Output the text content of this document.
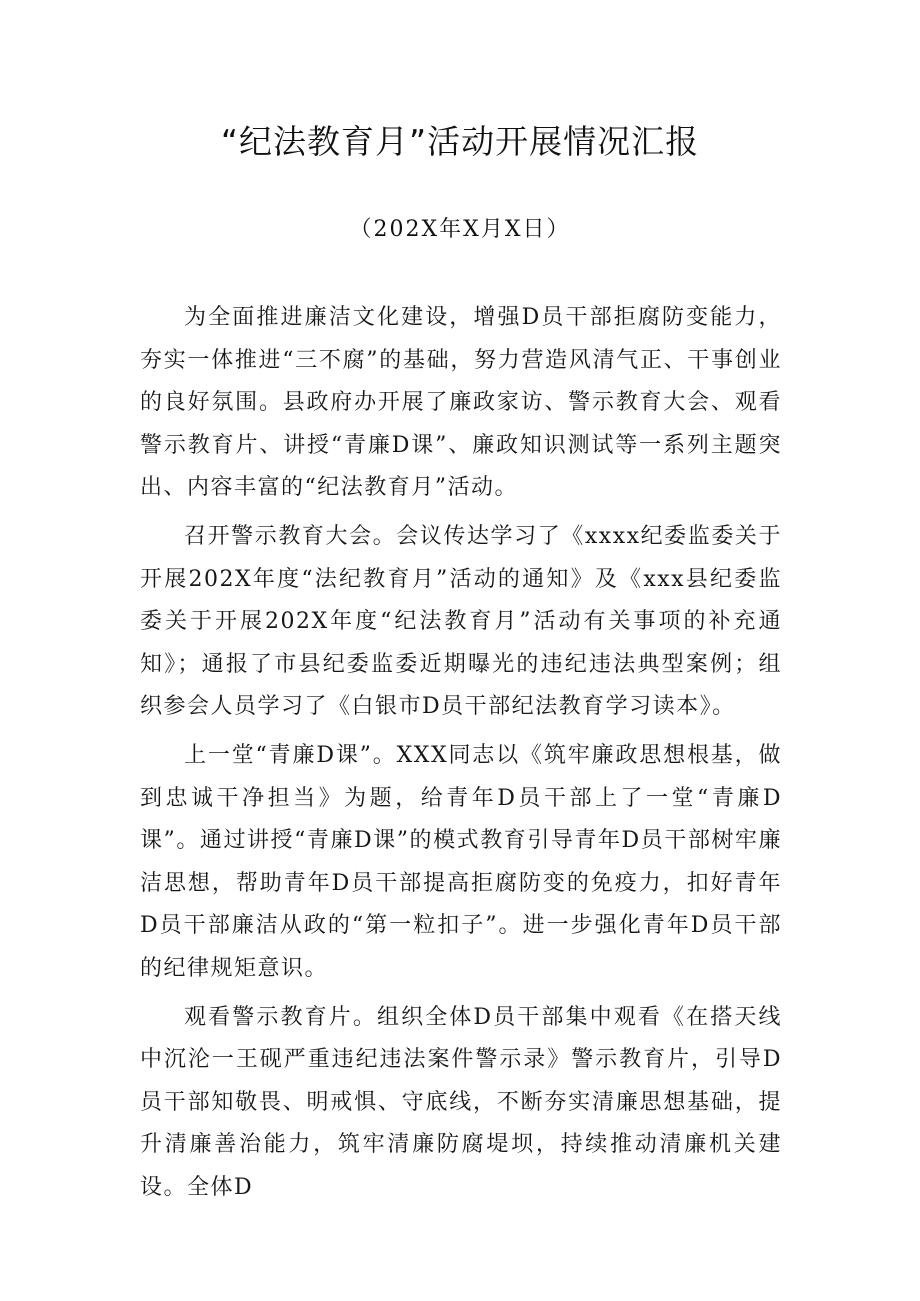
“纪法教育月”活动开展情况汇报
（202X年X月X日）

为全面推进廉洁文化建设，增强D员干部拒腐防变能力，夯实一体推进“三不腐”的基础，努力营造风清气正、干事创业的良好氛围。县政府办开展了廉政家访、警示教育大会、观看警示教育片、讲授“青廉D课”、廉政知识测试等一系列主题突出、内容丰富的“纪法教育月”活动。

召开警示教育大会。会议传达学习了《xxxx纪委监委关于开展202X年度“法纪教育月”活动的通知》及《xxx县纪委监委关于开展202X年度“纪法教育月”活动有关事项的补充通知》；通报了市县纪委监委近期曝光的违纪违法典型案例；组织参会人员学习了《白银市D员干部纪法教育学习读本》。

上一堂“青廉D课”。XXX同志以《筑牢廉政思想根基，做到忠诚干净担当》为题，给青年D员干部上了一堂“青廉D课”。通过讲授“青廉D课”的模式教育引导青年D员干部树牢廉洁思想，帮助青年D员干部提高拒腐防变的免疫力，扣好青年D员干部廉洁从政的“第一粒扣子”。进一步强化青年D员干部的纪律规矩意识。

观看警示教育片。组织全体D员干部集中观看《在搭天线中沉沦一王砚严重违纪违法案件警示录》警示教育片，引导D员干部知敬畏、明戒惧、守底线，不断夯实清廉思想基础，提升清廉善治能力，筑牢清廉防腐堤坝，持续推动清廉机关建设。全体D
